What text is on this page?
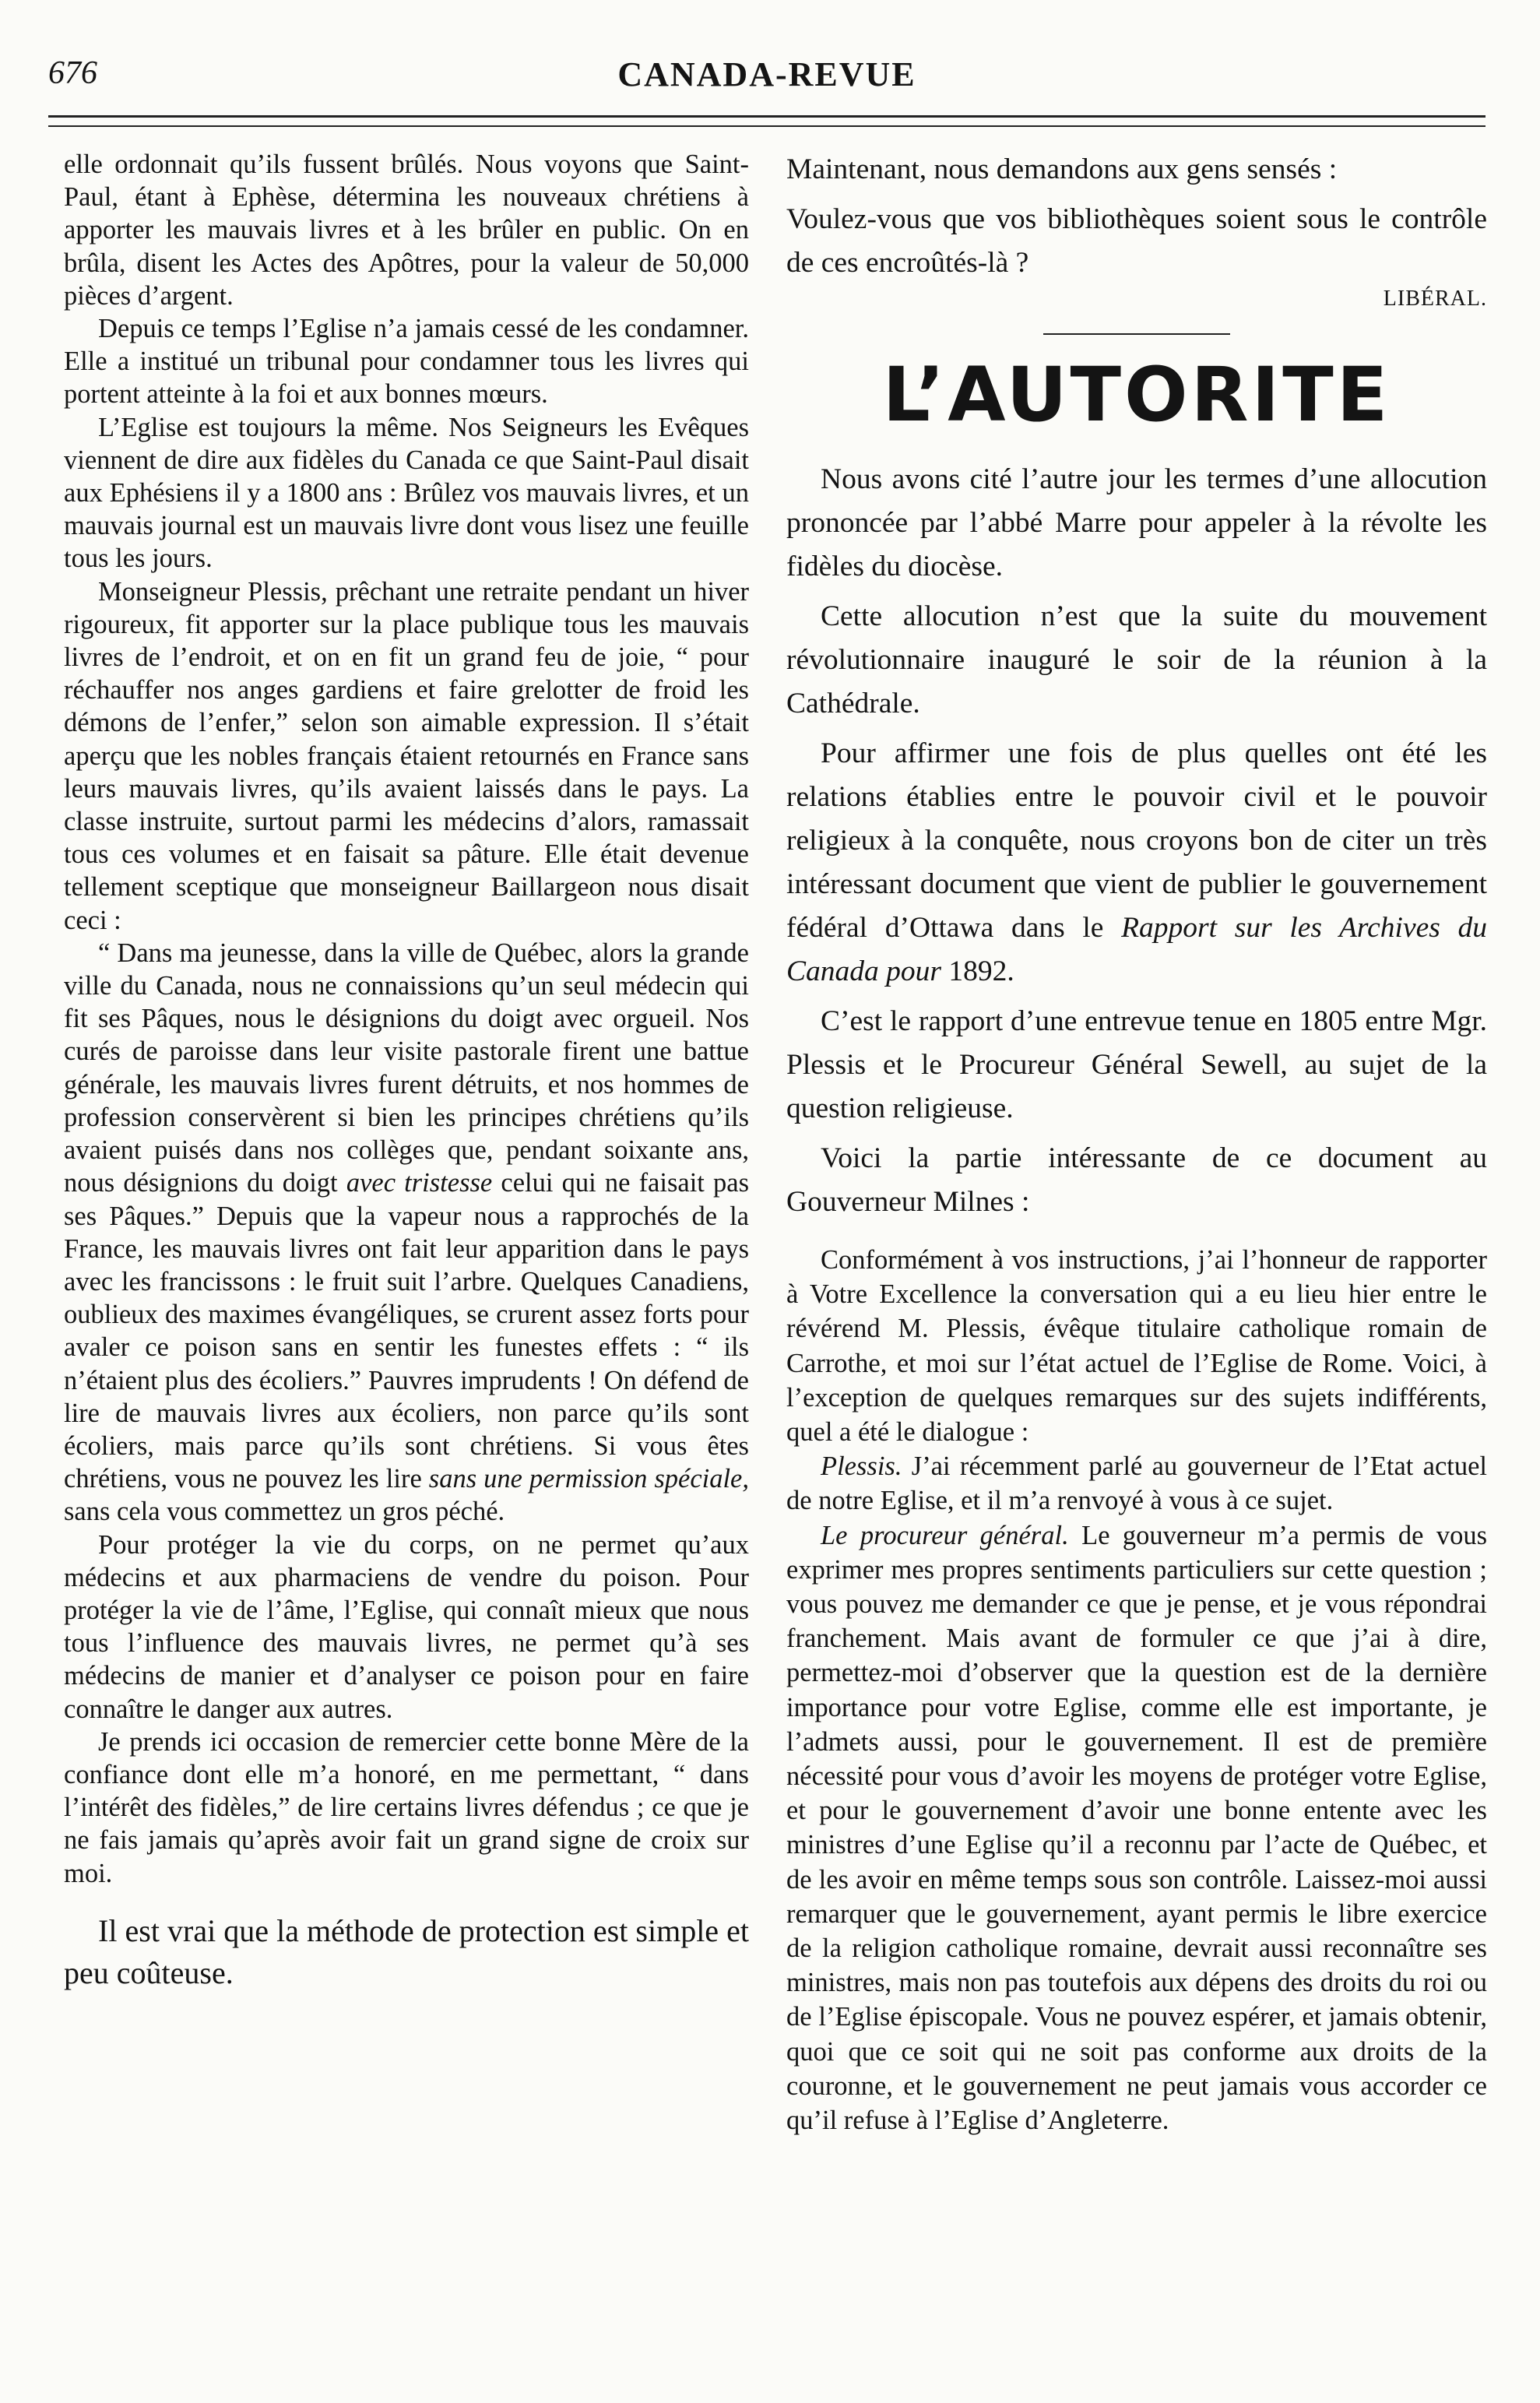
676	CANADA-REVUE

elle ordonnait qu’ils fussent brûlés. Nous voyons que Saint-Paul, étant à Ephèse, détermina les nouveaux chrétiens à apporter les mauvais livres et à les brûler en public. On en brûla, disent les Actes des Apôtres, pour la valeur de 50,000 pièces d’argent.

Depuis ce temps l’Eglise n’a jamais cessé de les condamner. Elle a institué un tribunal pour condamner tous les livres qui portent atteinte à la foi et aux bonnes mœurs.

L’Eglise est toujours la même. Nos Seigneurs les Evêques viennent de dire aux fidèles du Canada ce que Saint-Paul disait aux Ephésiens il y a 1800 ans : Brûlez vos mauvais livres, et un mauvais journal est un mauvais livre dont vous lisez une feuille tous les jours.

Monseigneur Plessis, prêchant une retraite pendant un hiver rigoureux, fit apporter sur la place publique tous les mauvais livres de l’endroit, et on en fit un grand feu de joie, “ pour réchauffer nos anges gardiens et faire grelotter de froid les démons de l’enfer,” selon son aimable expression. Il s’était aperçu que les nobles français étaient retournés en France sans leurs mauvais livres, qu’ils avaient laissés dans le pays. La classe instruite, surtout parmi les médecins d’alors, ramassait tous ces volumes et en faisait sa pâture. Elle était devenue tellement sceptique que monseigneur Baillargeon nous disait ceci :

“ Dans ma jeunesse, dans la ville de Québec, alors la grande ville du Canada, nous ne connaissions qu’un seul médecin qui fit ses Pâques, nous le désignions du doigt avec orgueil. Nos curés de paroisse dans leur visite pastorale firent une battue générale, les mauvais livres furent détruits, et nos hommes de profession conservèrent si bien les principes chrétiens qu’ils avaient puisés dans nos collèges que, pendant soixante ans, nous désignions du doigt avec tristesse celui qui ne faisait pas ses Pâques.” Depuis que la vapeur nous a rapprochés de la France, les mauvais livres ont fait leur apparition dans le pays avec les francissons : le fruit suit l’arbre. Quelques Canadiens, oublieux des maximes évangéliques, se crurent assez forts pour avaler ce poison sans en sentir les funestes effets : “ ils n’étaient plus des écoliers.” Pauvres imprudents ! On défend de lire de mauvais livres aux écoliers, non parce qu’ils sont écoliers, mais parce qu’ils sont chrétiens. Si vous êtes chrétiens, vous ne pouvez les lire sans une permission spéciale, sans cela vous commettez un gros péché.

Pour protéger la vie du corps, on ne permet qu’aux médecins et aux pharmaciens de vendre du poison. Pour protéger la vie de l’âme, l’Eglise, qui connaît mieux que nous tous l’influence des mauvais livres, ne permet qu’à ses médecins de manier et d’analyser ce poison pour en faire connaître le danger aux autres.

Je prends ici occasion de remercier cette bonne Mère de la confiance dont elle m’a honoré, en me permettant, “ dans l’intérêt des fidèles,” de lire certains livres défendus ; ce que je ne fais jamais qu’après avoir fait un grand signe de croix sur moi.

Il est vrai que la méthode de protection est simple et peu coûteuse.

Maintenant, nous demandons aux gens sensés :

Voulez-vous que vos bibliothèques soient sous le contrôle de ces encroûtés-là ?

LIBÉRAL.
L’AUTORITE

Nous avons cité l’autre jour les termes d’une allocution prononcée par l’abbé Marre pour appeler à la révolte les fidèles du diocèse.

Cette allocution n’est que la suite du mouvement révolutionnaire inauguré le soir de la réunion à la Cathédrale.

Pour affirmer une fois de plus quelles ont été les relations établies entre le pouvoir civil et le pouvoir religieux à la conquête, nous croyons bon de citer un très intéressant document que vient de publier le gouvernement fédéral d’Ottawa dans le Rapport sur les Archives du Canada pour 1892.

C’est le rapport d’une entrevue tenue en 1805 entre Mgr. Plessis et le Procureur Général Sewell, au sujet de la question religieuse.

Voici la partie intéressante de ce document au Gouverneur Milnes :

Conformément à vos instructions, j’ai l’honneur de rapporter à Votre Excellence la conversation qui a eu lieu hier entre le révérend M. Plessis, évêque titulaire catholique romain de Carrothe, et moi sur l’état actuel de l’Eglise de Rome. Voici, à l’exception de quelques remarques sur des sujets indifférents, quel a été le dialogue :

Plessis. J’ai récemment parlé au gouverneur de l’Etat actuel de notre Eglise, et il m’a renvoyé à vous à ce sujet.

Le procureur général. Le gouverneur m’a permis de vous exprimer mes propres sentiments particuliers sur cette question ; vous pouvez me demander ce que je pense, et je vous répondrai franchement. Mais avant de formuler ce que j’ai à dire, permettez-moi d’observer que la question est de la dernière importance pour votre Eglise, comme elle est importante, je l’admets aussi, pour le gouvernement. Il est de première nécessité pour vous d’avoir les moyens de protéger votre Eglise, et pour le gouvernement d’avoir une bonne entente avec les ministres d’une Eglise qu’il a reconnu par l’acte de Québec, et de les avoir en même temps sous son contrôle. Laissez-moi aussi remarquer que le gouvernement, ayant permis le libre exercice de la religion catholique romaine, devrait aussi reconnaître ses ministres, mais non pas toutefois aux dépens des droits du roi ou de l’Eglise épiscopale. Vous ne pouvez espérer, et jamais obtenir, quoi que ce soit qui ne soit pas conforme aux droits de la couronne, et le gouvernement ne peut jamais vous accorder ce qu’il refuse à l’Eglise d’Angleterre.
